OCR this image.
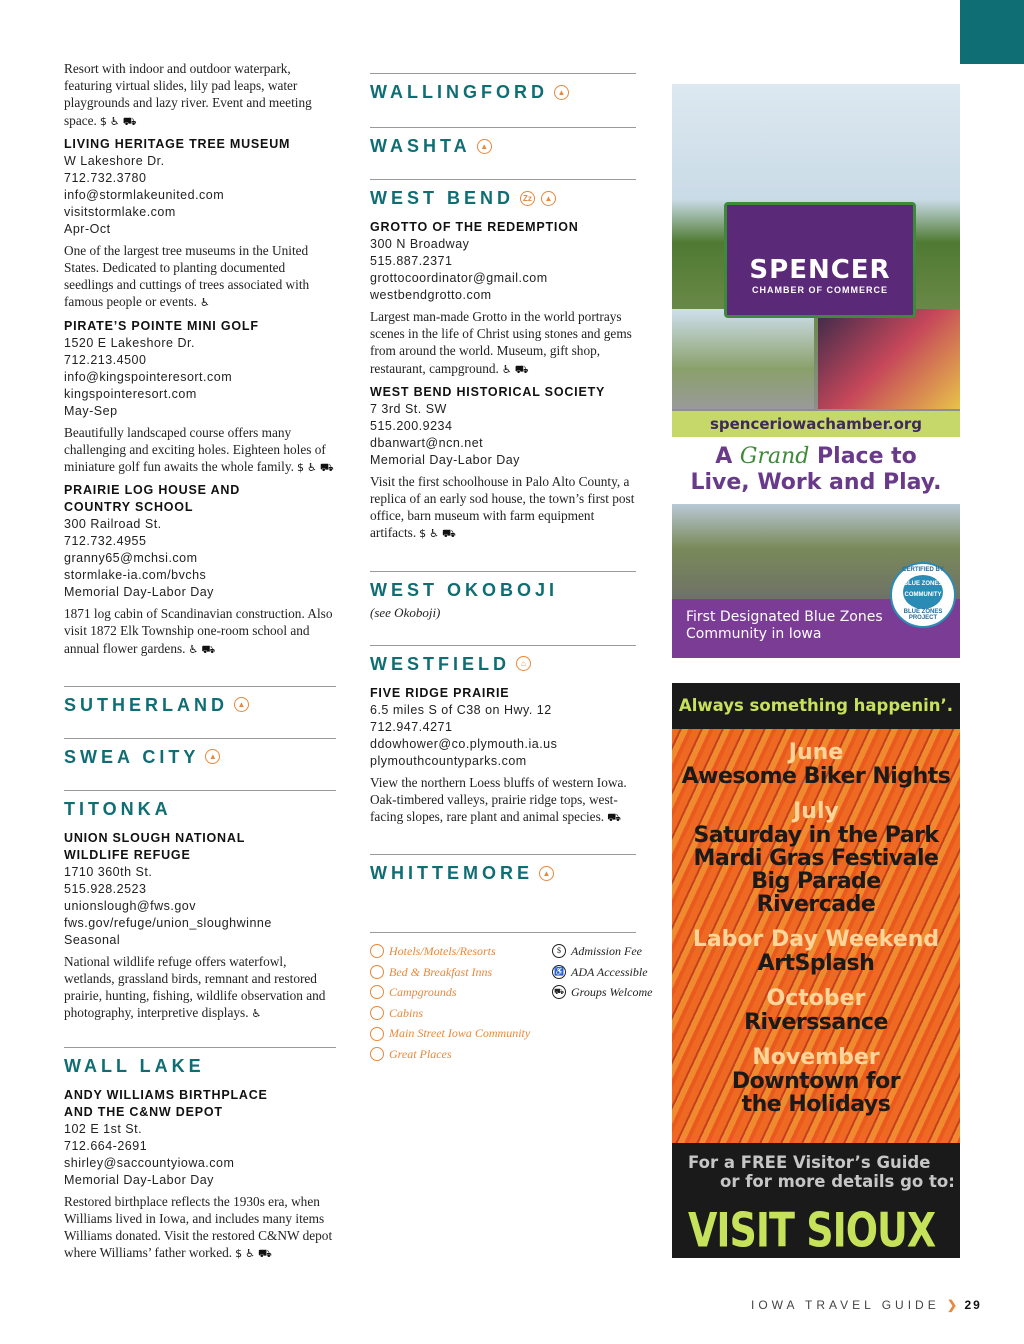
Resort with indoor and outdoor waterpark, featuring virtual slides, lily pad leaps, water playgrounds and lazy river. Event and meeting space. $ ♿ ⛟
LIVING HERITAGE TREE MUSEUM
W Lakeshore Dr.
712.732.3780
info@stormlakeunited.com
visitstormlake.com
Apr-Oct
One of the largest tree museums in the United States. Dedicated to planting documented seedlings and cuttings of trees associated with famous people or events. ♿
PIRATE’S POINTE MINI GOLF
1520 E Lakeshore Dr.
712.213.4500
info@kingspointeresort.com
kingspointeresort.com
May-Sep
Beautifully landscaped course offers many challenging and exciting holes. Eighteen holes of miniature golf fun awaits the whole family. $ ♿ ⛟
PRAIRIE LOG HOUSE AND
COUNTRY SCHOOL
300 Railroad St.
712.732.4955
granny65@mchsi.com
stormlake-ia.com/bvchs
Memorial Day-Labor Day
1871 log cabin of Scandinavian construction. Also visit 1872 Elk Township one-room school and annual flower gardens. ♿ ⛟
SUTHERLAND	▲
SWEA CITY	▲
TITONKA
UNION SLOUGH NATIONAL
WILDLIFE REFUGE
1710 360th St.
515.928.2523
unionslough@fws.gov
fws.gov/refuge/union_sloughwinne
Seasonal
National wildlife refuge offers waterfowl, wetlands, grassland birds, remnant and restored prairie, hunting, fishing, wildlife observation and photography, interpretive displays. ♿
WALL LAKE
ANDY WILLIAMS BIRTHPLACE
AND THE C&NW DEPOT
102 E 1st St.
712.664-2691
shirley@saccountyiowa.com
Memorial Day-Labor Day
Restored birthplace reflects the 1930s era, when Williams lived in Iowa, and includes many items Williams donated. Visit the restored C&NW depot where Williams’ father worked. $ ♿ ⛟
WALLINGFORD	▲
WASHTA	▲
WEST BEND	Zz	▲
GROTTO OF THE REDEMPTION
300 N Broadway
515.887.2371
grottocoordinator@gmail.com
westbendgrotto.com
Largest man-made Grotto in the world portrays scenes in the life of Christ using stones and gems from around the world. Museum, gift shop, restaurant, campground. ♿ ⛟
WEST BEND HISTORICAL SOCIETY
7 3rd St. SW
515.200.9234
dbanwart@ncn.net
Memorial Day-Labor Day
Visit the first schoolhouse in Palo Alto County, a replica of an early sod house, the town’s first post office, barn museum with farm equipment artifacts. $ ♿ ⛟
WEST OKOBOJI
(see Okoboji)
WESTFIELD	⌂
FIVE RIDGE PRAIRIE
6.5 miles S of C38 on Hwy. 12
712.947.4271
ddowhower@co.plymouth.ia.us
plymouthcountyparks.com
View the northern Loess bluffs of western Iowa. Oak-timbered valleys, prairie ridge tops, west-facing slopes, rare plant and animal species. ⛟
WHITTEMORE	▲
Hotels/Motels/Resorts
Bed & Breakfast Inns
Campgrounds
Cabins
Main Street Iowa Community
Great Places
$ Admission Fee
♿ ADA Accessible
⛟ Groups Welcome
SPENCER
CHAMBER OF COMMERCE
spenceriowachamber.org
A Grand Place to
Live, Work and Play.
First Designated Blue Zones
Community in Iowa
CERTIFIED BY
BLUE ZONES COMMUNITY
BLUE ZONES PROJECT
Always something happenin’.
June
Awesome Biker Nights
July
Saturday in the Park
Mardi Gras Festivale
Big Parade
Rivercade
Labor Day Weekend
ArtSplash
October
Riverssance
November
Downtown for
the Holidays
For a FREE Visitor’s Guide
or for more details go to:
VISIT SIOUX
IOWA TRAVEL GUIDE ❯ 29
